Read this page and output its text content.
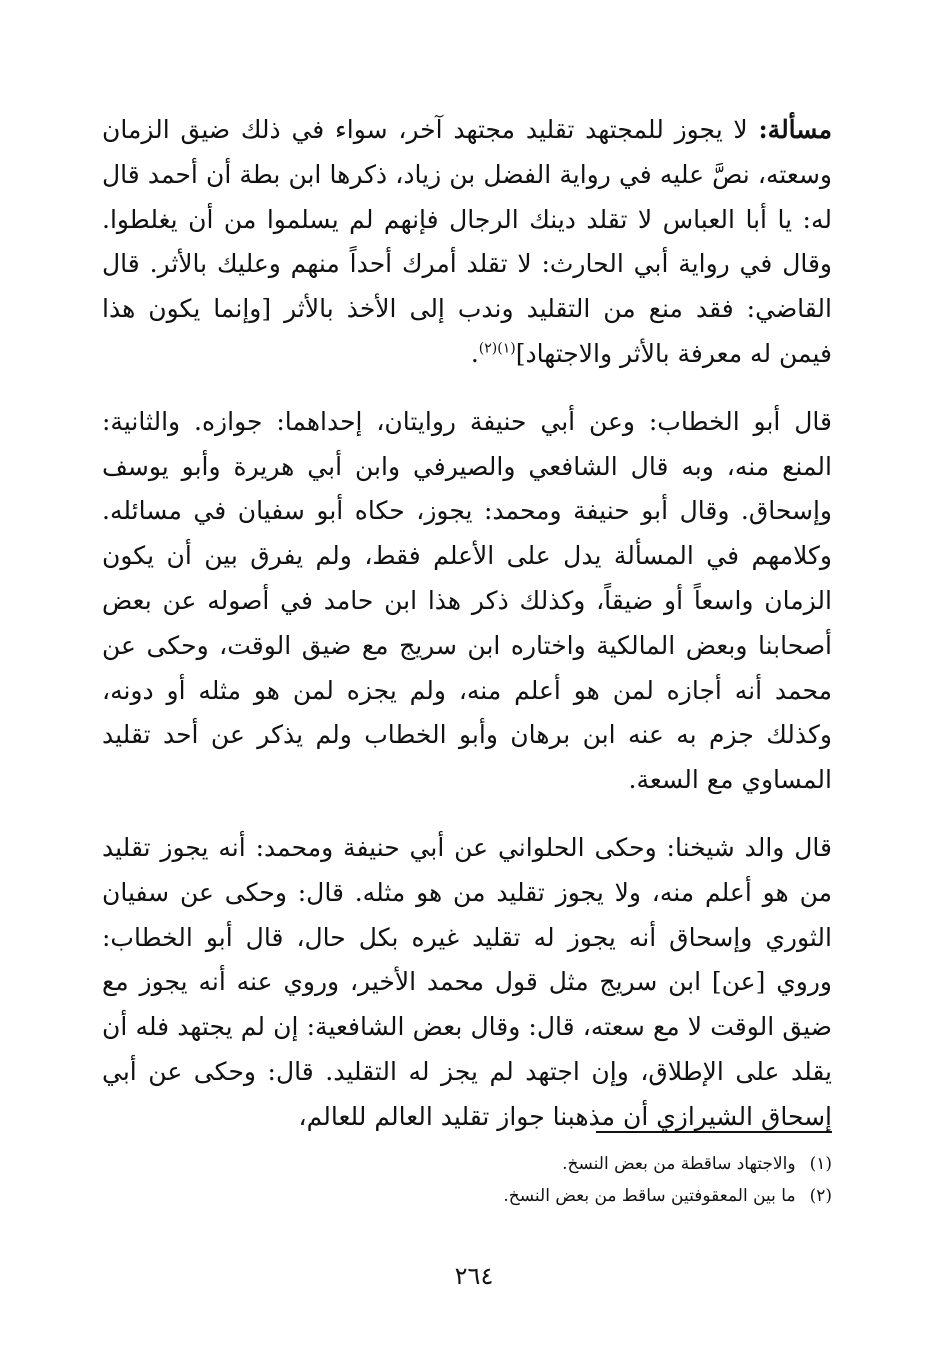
مسألة: لا يجوز للمجتهد تقليد مجتهد آخر، سواء في ذلك ضيق الزمان وسعته، نصَّ عليه في رواية الفضل بن زياد، ذكرها ابن بطة أن أحمد قال له: يا أبا العباس لا تقلد دينك الرجال فإنهم لم يسلموا من أن يغلطوا. وقال في رواية أبي الحارث: لا تقلد أمرك أحداً منهم وعليك بالأثر. قال القاضي: فقد منع من التقليد وندب إلى الأخذ بالأثر [وإنما يكون هذا فيمن له معرفة بالأثر والاجتهاد]$^{(١)(٢)}$.

قال أبو الخطاب: وعن أبي حنيفة روايتان، إحداهما: جوازه. والثانية: المنع منه، وبه قال الشافعي والصيرفي وابن أبي هريرة وأبو يوسف وإسحاق. وقال أبو حنيفة ومحمد: يجوز، حكاه أبو سفيان في مسائله. وكلامهم في المسألة يدل على الأعلم فقط، ولم يفرق بين أن يكون الزمان واسعاً أو ضيقاً، وكذلك ذكر هذا ابن حامد في أصوله عن بعض أصحابنا وبعض المالكية واختاره ابن سريج مع ضيق الوقت، وحكى عن محمد أنه أجازه لمن هو أعلم منه، ولم يجزه لمن هو مثله أو دونه، وكذلك جزم به عنه ابن برهان وأبو الخطاب ولم يذكر عن أحد تقليد المساوي مع السعة.

قال والد شيخنا: وحكى الحلواني عن أبي حنيفة ومحمد: أنه يجوز تقليد من هو أعلم منه، ولا يجوز تقليد من هو مثله. قال: وحكى عن سفيان الثوري وإسحاق أنه يجوز له تقليد غيره بكل حال، قال أبو الخطاب: وروي [عن] ابن سريج مثل قول محمد الأخير، وروي عنه أنه يجوز مع ضيق الوقت لا مع سعته، قال: وقال بعض الشافعية: إن لم يجتهد فله أن يقلد على الإطلاق، وإن اجتهد لم يجز له التقليد. قال: وحكى عن أبي إسحاق الشيرازي أن مذهبنا جواز تقليد العالم للعالم،

(١)والاجتهاد ساقطة من بعض النسخ.

(٢)ما بين المعقوفتين ساقط من بعض النسخ.

٢٦٤
